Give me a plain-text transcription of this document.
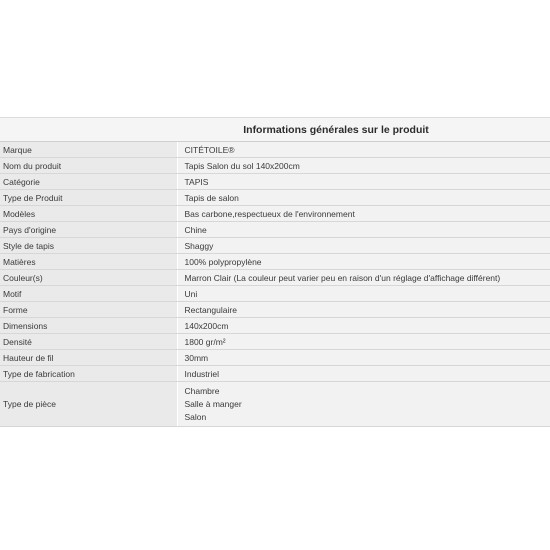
Informations générales sur le produit	
Marque	CITÉTOILE®
Nom du produit	Tapis Salon du sol 140x200cm
Catégorie	TAPIS
Type de Produit	Tapis de salon
Modèles	Bas carbone,respectueux de l'environnement
Pays d'origine	Chine
Style de tapis	Shaggy
Matières	100% polypropylène
Couleur(s)	Marron Clair (La couleur peut varier peu en raison d'un réglage d'affichage différent)
Motif	Uni
Forme	Rectangulaire
Dimensions	140x200cm
Densité	1800 gr/m²
Hauteur de fil	30mm
Type de fabrication	Industriel
Type de pièce	Chambre
Salle à manger
Salon
